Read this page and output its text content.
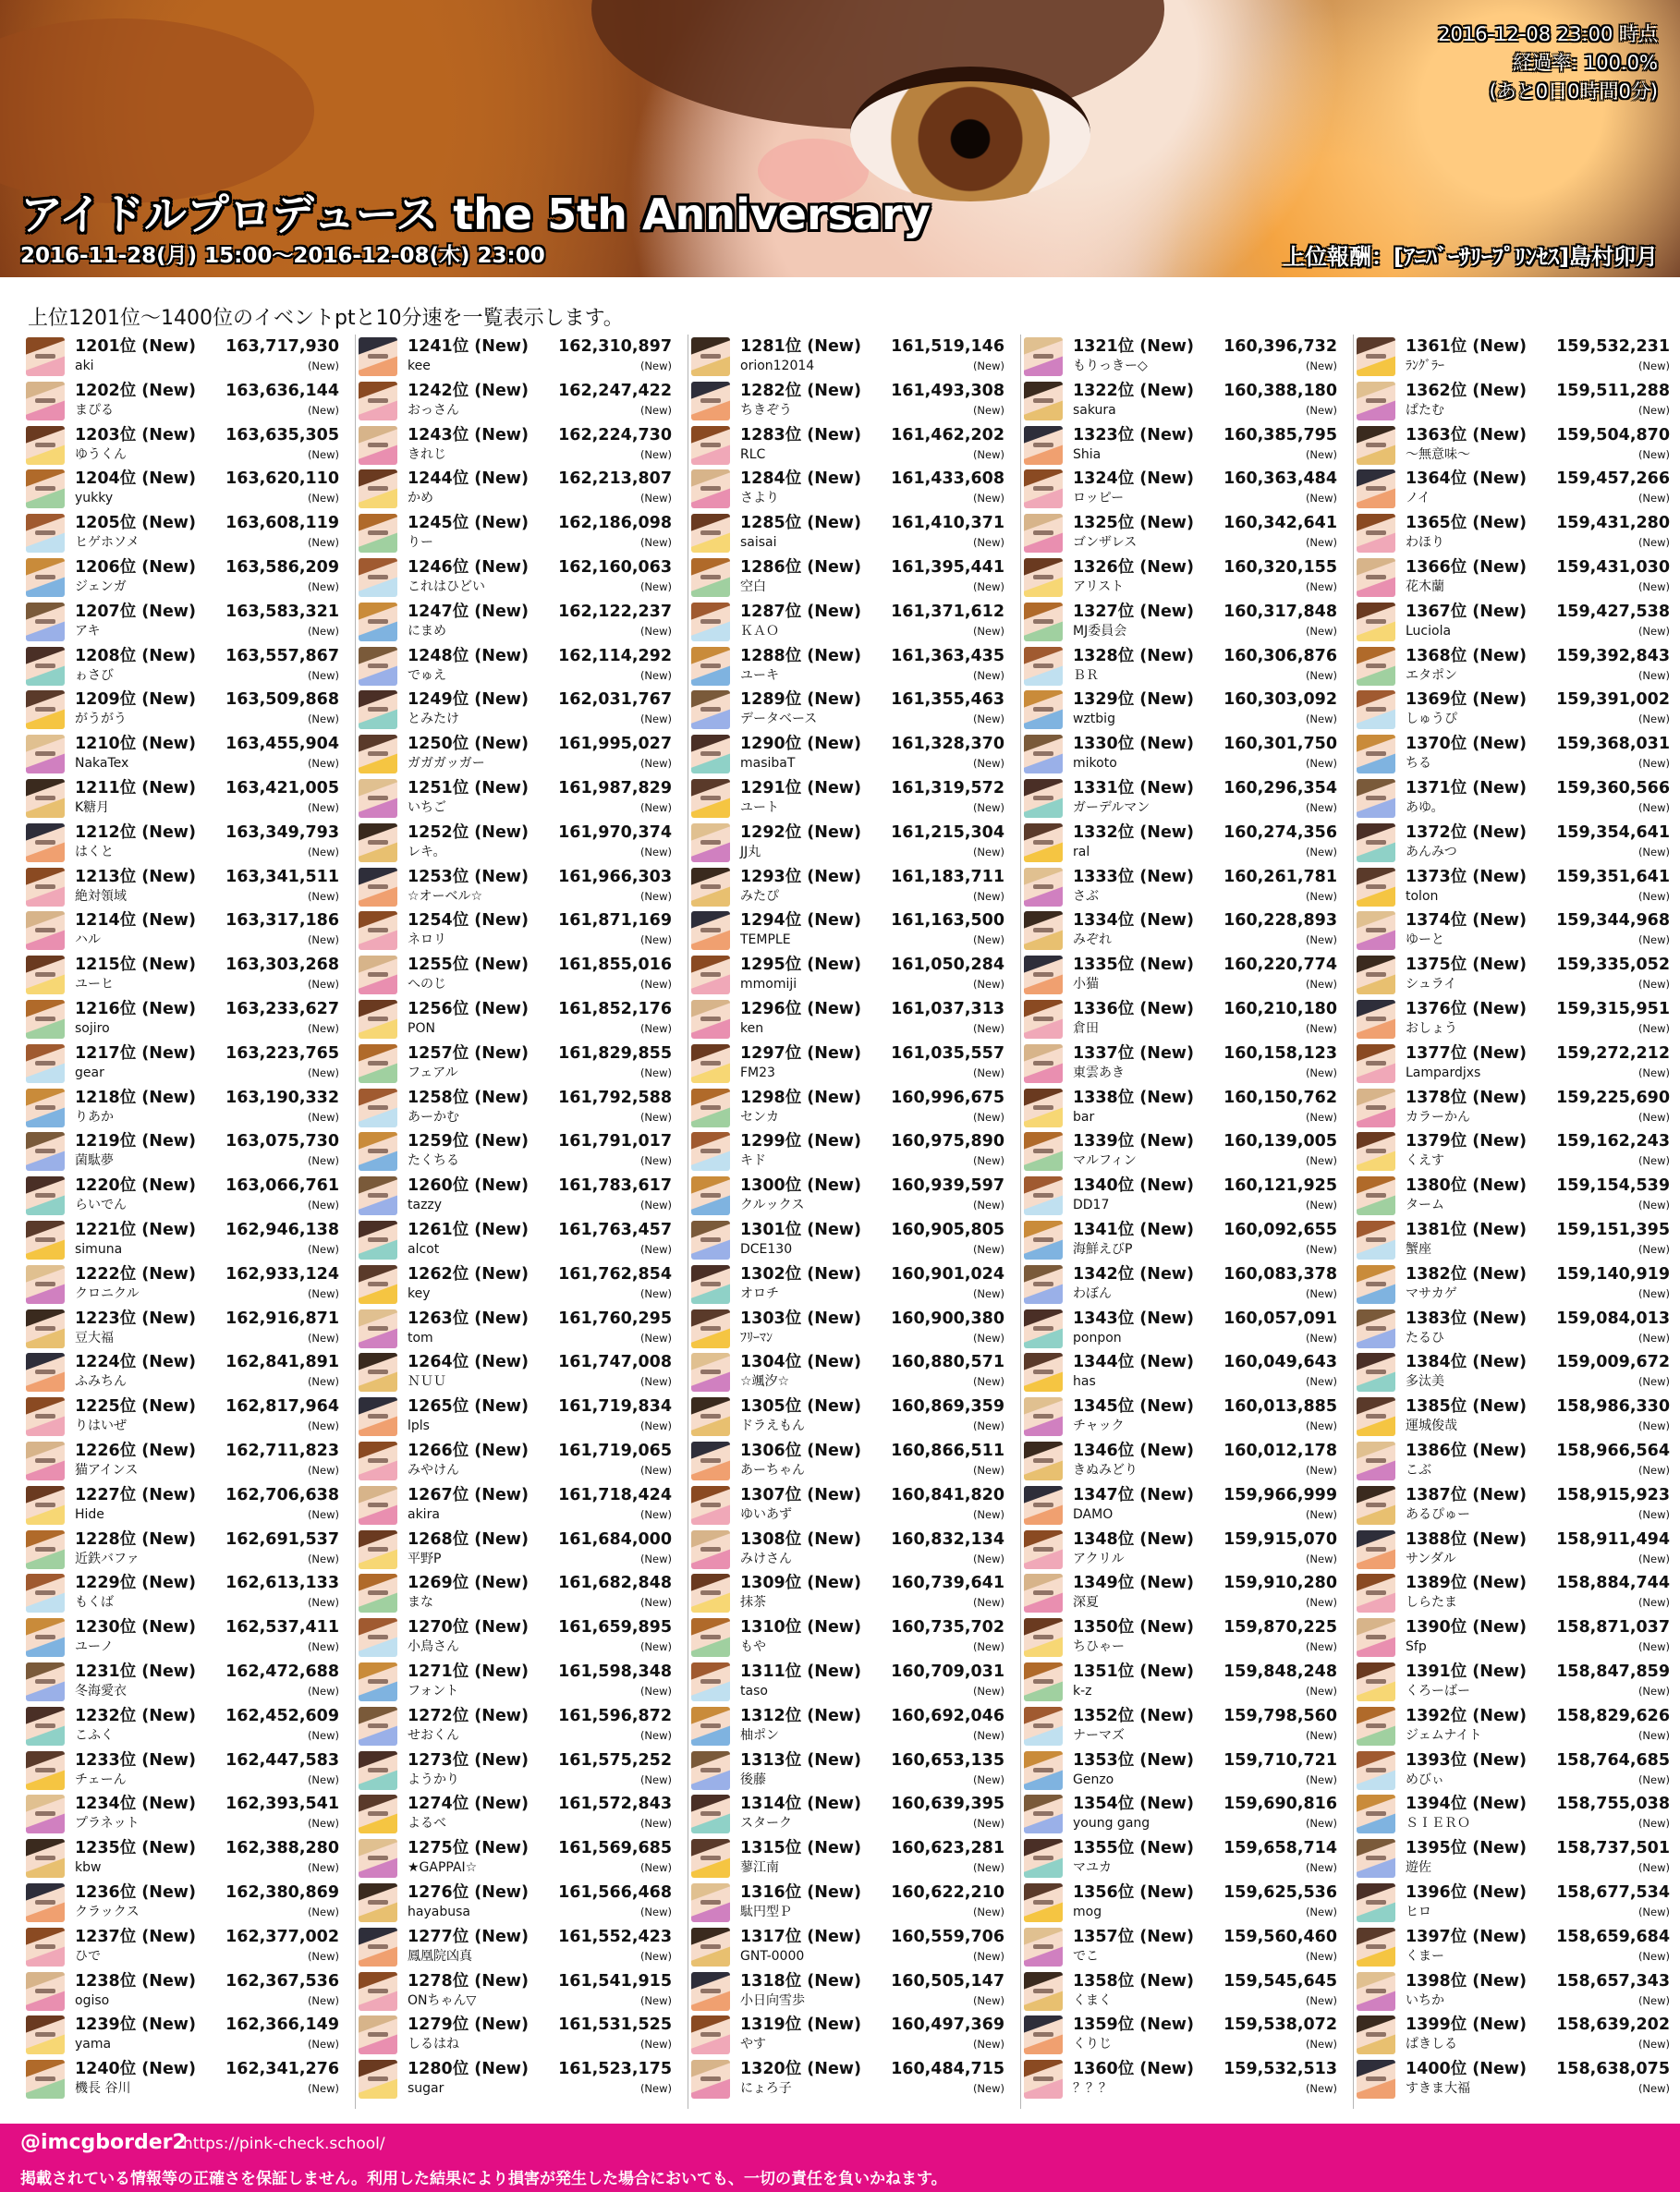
アイドルプロデュース the 5th Anniversary
2016-11-28(月) 15:00～2016-12-08(木) 23:00	上位報酬：[ｱﾆﾊﾞｰｻﾘｰﾌﾟﾘﾝｾｽ]島村卯月
2016-12-08 23:00 時点
経過率: 100.0%
(あと0日0時間0分)
上位1201位～1400位のイベントptと10分速を一覧表示します。
1201位 (New) 163,717,930
aki	(New)
1202位 (New) 163,636,144
まぴる	(New)
1203位 (New) 163,635,305
ゆうくん	(New)
1204位 (New) 163,620,110
yukky	(New)
1205位 (New) 163,608,119
ヒゲホソメ	(New)
1206位 (New) 163,586,209
ジェンガ	(New)
1207位 (New) 163,583,321
アキ	(New)
1208位 (New) 163,557,867
ゎさび	(New)
1209位 (New) 163,509,868
がうがう	(New)
1210位 (New) 163,455,904
NakaTex	(New)
1211位 (New) 163,421,005
K糖月	(New)
1212位 (New) 163,349,793
はくと	(New)
1213位 (New) 163,341,511
絶対領域	(New)
1214位 (New) 163,317,186
ハル	(New)
1215位 (New) 163,303,268
ユーヒ	(New)
1216位 (New) 163,233,627
sojiro	(New)
1217位 (New) 163,223,765
gear	(New)
1218位 (New) 163,190,332
りあか	(New)
1219位 (New) 163,075,730
菌駄夢	(New)
1220位 (New) 163,066,761
らいでん	(New)
1221位 (New) 162,946,138
simuna	(New)
1222位 (New) 162,933,124
クロニクル	(New)
1223位 (New) 162,916,871
豆大福	(New)
1224位 (New) 162,841,891
ふみちん	(New)
1225位 (New) 162,817,964
りはいぜ	(New)
1226位 (New) 162,711,823
猫アインス	(New)
1227位 (New) 162,706,638
Hide	(New)
1228位 (New) 162,691,537
近鉄バファ	(New)
1229位 (New) 162,613,133
もくば	(New)
1230位 (New) 162,537,411
ユーノ	(New)
1231位 (New) 162,472,688
冬海愛衣	(New)
1232位 (New) 162,452,609
こふく	(New)
1233位 (New) 162,447,583
チェーん	(New)
1234位 (New) 162,393,541
プラネット	(New)
1235位 (New) 162,388,280
kbw	(New)
1236位 (New) 162,380,869
クラックス	(New)
1237位 (New) 162,377,002
ひで	(New)
1238位 (New) 162,367,536
ogiso	(New)
1239位 (New) 162,366,149
yama	(New)
1240位 (New) 162,341,276
機長 谷川	(New)
1241位 (New) 162,310,897
kee	(New)
1242位 (New) 162,247,422
おっさん	(New)
1243位 (New) 162,224,730
きれじ	(New)
1244位 (New) 162,213,807
かめ	(New)
1245位 (New) 162,186,098
りー	(New)
1246位 (New) 162,160,063
これはひどい	(New)
1247位 (New) 162,122,237
にまめ	(New)
1248位 (New) 162,114,292
でゅえ	(New)
1249位 (New) 162,031,767
とみたけ	(New)
1250位 (New) 161,995,027
ガガガッガー	(New)
1251位 (New) 161,987,829
いちご	(New)
1252位 (New) 161,970,374
レキ。	(New)
1253位 (New) 161,966,303
☆オーベル☆	(New)
1254位 (New) 161,871,169
ネロリ	(New)
1255位 (New) 161,855,016
へのじ	(New)
1256位 (New) 161,852,176
PON	(New)
1257位 (New) 161,829,855
フェアル	(New)
1258位 (New) 161,792,588
あーかむ	(New)
1259位 (New) 161,791,017
たくちる	(New)
1260位 (New) 161,783,617
tazzy	(New)
1261位 (New) 161,763,457
alcot	(New)
1262位 (New) 161,762,854
key	(New)
1263位 (New) 161,760,295
tom	(New)
1264位 (New) 161,747,008
ＮＵＵ	(New)
1265位 (New) 161,719,834
lpls	(New)
1266位 (New) 161,719,065
みやけん	(New)
1267位 (New) 161,718,424
akira	(New)
1268位 (New) 161,684,000
平野P	(New)
1269位 (New) 161,682,848
まな	(New)
1270位 (New) 161,659,895
小鳥さん	(New)
1271位 (New) 161,598,348
フォント	(New)
1272位 (New) 161,596,872
せおくん	(New)
1273位 (New) 161,575,252
ようかり	(New)
1274位 (New) 161,572,843
よるべ	(New)
1275位 (New) 161,569,685
★GAPPAI☆	(New)
1276位 (New) 161,566,468
hayabusa	(New)
1277位 (New) 161,552,423
鳳凰院凶真	(New)
1278位 (New) 161,541,915
ONちゃん▽	(New)
1279位 (New) 161,531,525
しるはね	(New)
1280位 (New) 161,523,175
sugar	(New)
1281位 (New) 161,519,146
orion12014	(New)
1282位 (New) 161,493,308
ちきぞう	(New)
1283位 (New) 161,462,202
RLC	(New)
1284位 (New) 161,433,608
さより	(New)
1285位 (New) 161,410,371
saisai	(New)
1286位 (New) 161,395,441
空白	(New)
1287位 (New) 161,371,612
ＫＡＯ	(New)
1288位 (New) 161,363,435
ユーキ	(New)
1289位 (New) 161,355,463
データベース	(New)
1290位 (New) 161,328,370
masibaT	(New)
1291位 (New) 161,319,572
ユート	(New)
1292位 (New) 161,215,304
JJ丸	(New)
1293位 (New) 161,183,711
みたぴ	(New)
1294位 (New) 161,163,500
TEMPLE	(New)
1295位 (New) 161,050,284
mmomiji	(New)
1296位 (New) 161,037,313
ken	(New)
1297位 (New) 161,035,557
FM23	(New)
1298位 (New) 160,996,675
センカ	(New)
1299位 (New) 160,975,890
キド	(New)
1300位 (New) 160,939,597
クルックス	(New)
1301位 (New) 160,905,805
DCE130	(New)
1302位 (New) 160,901,024
オロチ	(New)
1303位 (New) 160,900,380
ﾌﾘｰﾏﾝ	(New)
1304位 (New) 160,880,571
☆颯汐☆	(New)
1305位 (New) 160,869,359
ドラえもん	(New)
1306位 (New) 160,866,511
あーちゃん	(New)
1307位 (New) 160,841,820
ゆいあず	(New)
1308位 (New) 160,832,134
みけさん	(New)
1309位 (New) 160,739,641
抹茶	(New)
1310位 (New) 160,735,702
もや	(New)
1311位 (New) 160,709,031
taso	(New)
1312位 (New) 160,692,046
柚ポン	(New)
1313位 (New) 160,653,135
後藤	(New)
1314位 (New) 160,639,395
スターク	(New)
1315位 (New) 160,623,281
蓼江南	(New)
1316位 (New) 160,622,210
駄円型Ｐ	(New)
1317位 (New) 160,559,706
GNT-0000	(New)
1318位 (New) 160,505,147
小日向雪歩	(New)
1319位 (New) 160,497,369
やす	(New)
1320位 (New) 160,484,715
にょろ子	(New)
1321位 (New) 160,396,732
もりっきー◇	(New)
1322位 (New) 160,388,180
sakura	(New)
1323位 (New) 160,385,795
Shia	(New)
1324位 (New) 160,363,484
ロッピー	(New)
1325位 (New) 160,342,641
ゴンザレス	(New)
1326位 (New) 160,320,155
アリスト	(New)
1327位 (New) 160,317,848
MJ委員会	(New)
1328位 (New) 160,306,876
ＢＲ	(New)
1329位 (New) 160,303,092
wztbig	(New)
1330位 (New) 160,301,750
mikoto	(New)
1331位 (New) 160,296,354
ガーデルマン	(New)
1332位 (New) 160,274,356
ral	(New)
1333位 (New) 160,261,781
さぶ	(New)
1334位 (New) 160,228,893
みぞれ	(New)
1335位 (New) 160,220,774
小猫	(New)
1336位 (New) 160,210,180
倉田	(New)
1337位 (New) 160,158,123
東雲あき	(New)
1338位 (New) 160,150,762
bar	(New)
1339位 (New) 160,139,005
マルフィン	(New)
1340位 (New) 160,121,925
DD17	(New)
1341位 (New) 160,092,655
海鮮えびP	(New)
1342位 (New) 160,083,378
わぼん	(New)
1343位 (New) 160,057,091
ponpon	(New)
1344位 (New) 160,049,643
has	(New)
1345位 (New) 160,013,885
チャック	(New)
1346位 (New) 160,012,178
きぬみどり	(New)
1347位 (New) 159,966,999
DAMO	(New)
1348位 (New) 159,915,070
アクリル	(New)
1349位 (New) 159,910,280
深夏	(New)
1350位 (New) 159,870,225
ちひゃー	(New)
1351位 (New) 159,848,248
k-z	(New)
1352位 (New) 159,798,560
ナーマズ	(New)
1353位 (New) 159,710,721
Genzo	(New)
1354位 (New) 159,690,816
young gang	(New)
1355位 (New) 159,658,714
マユカ	(New)
1356位 (New) 159,625,536
mog	(New)
1357位 (New) 159,560,460
でこ	(New)
1358位 (New) 159,545,645
くまく	(New)
1359位 (New) 159,538,072
くりじ	(New)
1360位 (New) 159,532,513
？？？	(New)
1361位 (New) 159,532,231
ﾗﾝｸﾞﾗｰ	(New)
1362位 (New) 159,511,288
ぱたむ	(New)
1363位 (New) 159,504,870
～無意味～	(New)
1364位 (New) 159,457,266
ノイ	(New)
1365位 (New) 159,431,280
わほり	(New)
1366位 (New) 159,431,030
花木蘭	(New)
1367位 (New) 159,427,538
Luciola	(New)
1368位 (New) 159,392,843
エタポン	(New)
1369位 (New) 159,391,002
しゅうぴ	(New)
1370位 (New) 159,368,031
ちる	(New)
1371位 (New) 159,360,566
あゆ。	(New)
1372位 (New) 159,354,641
あんみつ	(New)
1373位 (New) 159,351,641
tolon	(New)
1374位 (New) 159,344,968
ゆーと	(New)
1375位 (New) 159,335,052
シュライ	(New)
1376位 (New) 159,315,951
おしょう	(New)
1377位 (New) 159,272,212
Lampardjxs	(New)
1378位 (New) 159,225,690
カラーかん	(New)
1379位 (New) 159,162,243
くえす	(New)
1380位 (New) 159,154,539
ターム	(New)
1381位 (New) 159,151,395
蟹座	(New)
1382位 (New) 159,140,919
マサカゲ	(New)
1383位 (New) 159,084,013
たるひ	(New)
1384位 (New) 159,009,672
多汰美	(New)
1385位 (New) 158,986,330
運城俊哉	(New)
1386位 (New) 158,966,564
こぶ	(New)
1387位 (New) 158,915,923
あるぴゅー	(New)
1388位 (New) 158,911,494
サンダル	(New)
1389位 (New) 158,884,744
しらたま	(New)
1390位 (New) 158,871,037
Sfp	(New)
1391位 (New) 158,847,859
くろーばー	(New)
1392位 (New) 158,829,626
ジェムナイト	(New)
1393位 (New) 158,764,685
めびぃ	(New)
1394位 (New) 158,755,038
ＳＩＥＲＯ	(New)
1395位 (New) 158,737,501
遊佐	(New)
1396位 (New) 158,677,534
ヒロ	(New)
1397位 (New) 158,659,684
くまー	(New)
1398位 (New) 158,657,343
いちか	(New)
1399位 (New) 158,639,202
ぱきしる	(New)
1400位 (New) 158,638,075
すきま大福	(New)
@imcgborder2
https://pink-check.school/
掲載されている情報等の正確さを保証しません。利用した結果により損害が発生した場合においても、一切の責任を負いかねます。
